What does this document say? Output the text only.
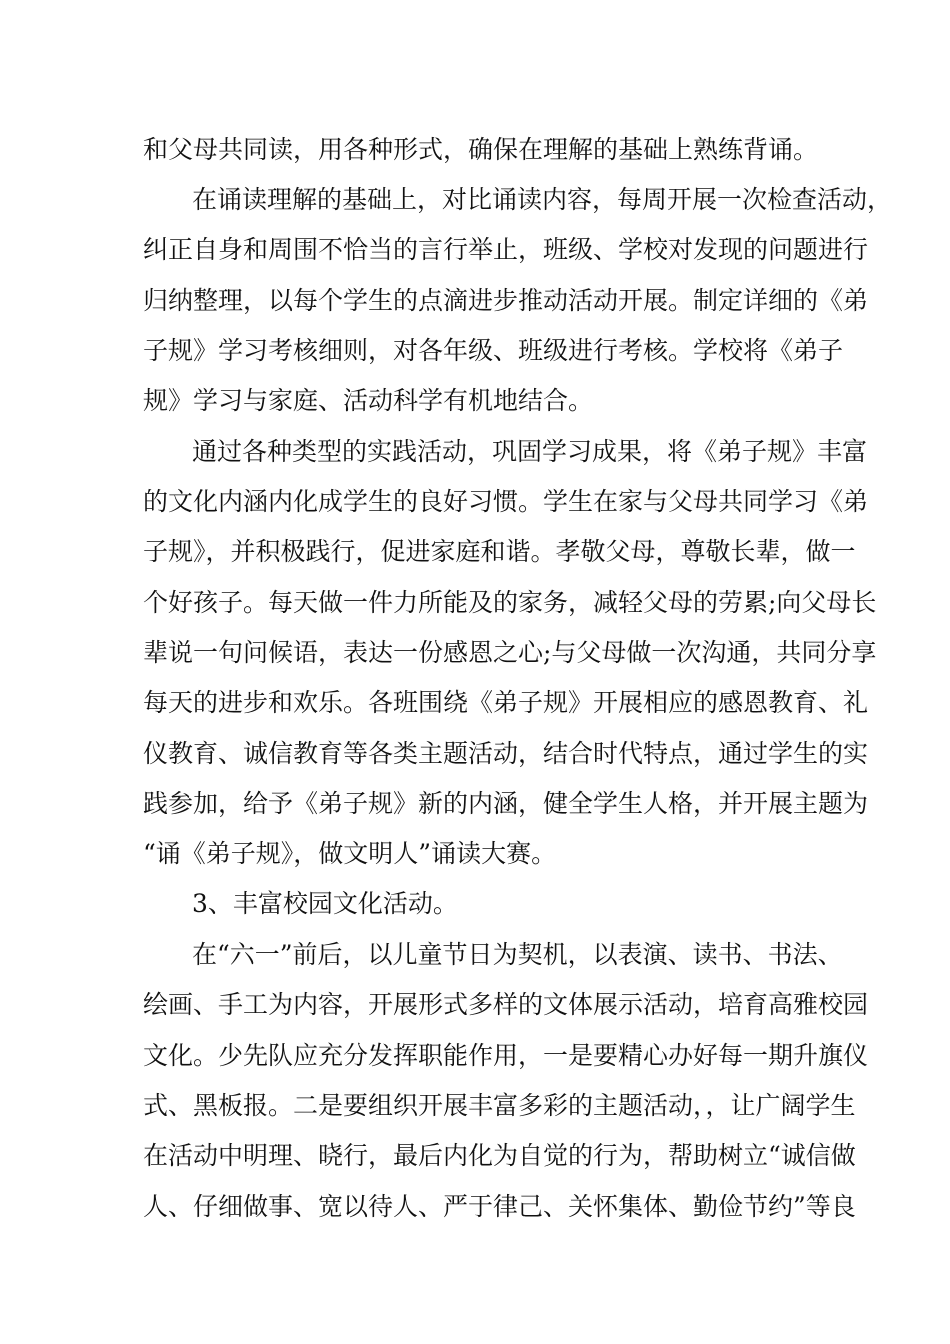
和父母共同读，用各种形式，确保在理解的基础上熟练背诵。
在诵读理解的基础上，对比诵读内容，每周开展一次检查活动，
纠正自身和周围不恰当的言行举止，班级、学校对发现的问题进行
归纳整理，以每个学生的点滴进步推动活动开展。制定详细的《弟
子规》学习考核细则，对各年级、班级进行考核。学校将《弟子
规》学习与家庭、活动科学有机地结合。
通过各种类型的实践活动，巩固学习成果，将《弟子规》丰富
的文化内涵内化成学生的良好习惯。学生在家与父母共同学习《弟
子规》，并积极践行，促进家庭和谐。孝敬父母，尊敬长辈，做一
个好孩子。每天做一件力所能及的家务，减轻父母的劳累;向父母长
辈说一句问候语，表达一份感恩之心;与父母做一次沟通，共同分享
每天的进步和欢乐。各班围绕《弟子规》开展相应的感恩教育、礼
仪教育、诚信教育等各类主题活动，结合时代特点，通过学生的实
践参加，给予《弟子规》新的内涵，健全学生人格，并开展主题为
“诵《弟子规》，做文明人”诵读大赛。
3、丰富校园文化活动。
在“六一”前后，以儿童节日为契机，以表演、读书、书法、
绘画、手工为内容，开展形式多样的文体展示活动，培育高雅校园
文化。少先队应充分发挥职能作用，一是要精心办好每一期升旗仪
式、黑板报。二是要组织开展丰富多彩的主题活动，，让广阔学生
在活动中明理、晓行，最后内化为自觉的行为，帮助树立“诚信做
人、仔细做事、宽以待人、严于律己、关怀集体、勤俭节约”等良
